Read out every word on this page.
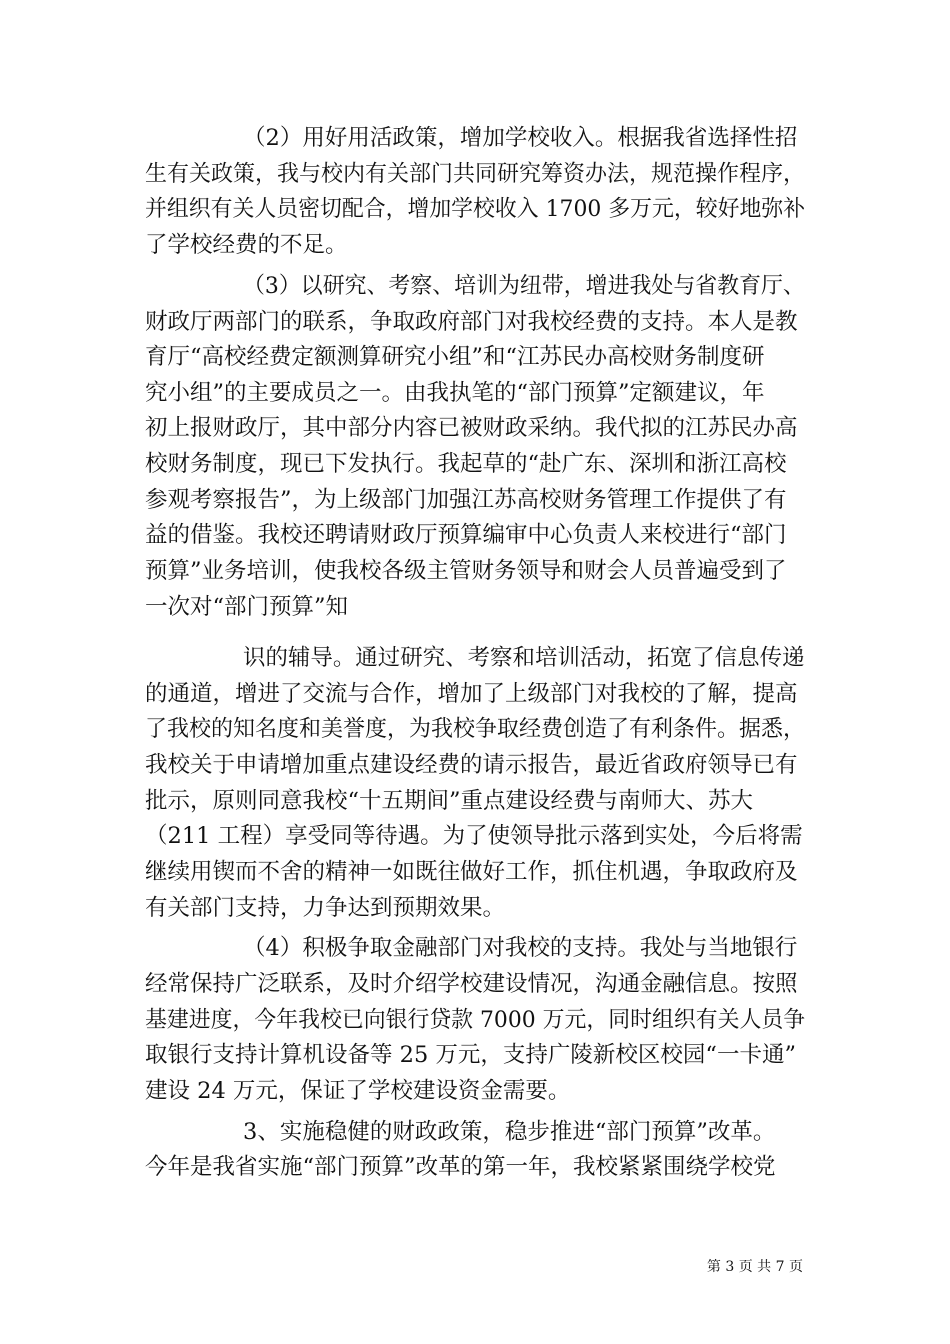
（2）用好用活政策，增加学校收入。根据我省选择性招
生有关政策，我与校内有关部门共同研究筹资办法，规范操作程序，
并组织有关人员密切配合，增加学校收入 1700 多万元，较好地弥补
了学校经费的不足。
（3）以研究、考察、培训为纽带，增进我处与省教育厅、
财政厅两部门的联系，争取政府部门对我校经费的支持。本人是教
育厅“高校经费定额测算研究小组”和“江苏民办高校财务制度研
究小组”的主要成员之一。由我执笔的“部门预算”定额建议，年
初上报财政厅，其中部分内容已被财政采纳。我代拟的江苏民办高
校财务制度，现已下发执行。我起草的“赴广东、深圳和浙江高校
参观考察报告”，为上级部门加强江苏高校财务管理工作提供了有
益的借鉴。我校还聘请财政厅预算编审中心负责人来校进行“部门
预算”业务培训，使我校各级主管财务领导和财会人员普遍受到了
一次对“部门预算”知
识的辅导。通过研究、考察和培训活动，拓宽了信息传递
的通道，增进了交流与合作，增加了上级部门对我校的了解，提高
了我校的知名度和美誉度，为我校争取经费创造了有利条件。据悉，
我校关于申请增加重点建设经费的请示报告，最近省政府领导已有
批示，原则同意我校“十五期间”重点建设经费与南师大、苏大
（211 工程）享受同等待遇。为了使领导批示落到实处，今后将需
继续用锲而不舍的精神一如既往做好工作，抓住机遇，争取政府及
有关部门支持，力争达到预期效果。
（4）积极争取金融部门对我校的支持。我处与当地银行
经常保持广泛联系，及时介绍学校建设情况，沟通金融信息。按照
基建进度，今年我校已向银行贷款 7000 万元，同时组织有关人员争
取银行支持计算机设备等 25 万元，支持广陵新校区校园“一卡通”
建设 24 万元，保证了学校建设资金需要。
3、实施稳健的财政政策，稳步推进“部门预算”改革。
今年是我省实施“部门预算”改革的第一年，我校紧紧围绕学校党
第 3 页 共 7 页
